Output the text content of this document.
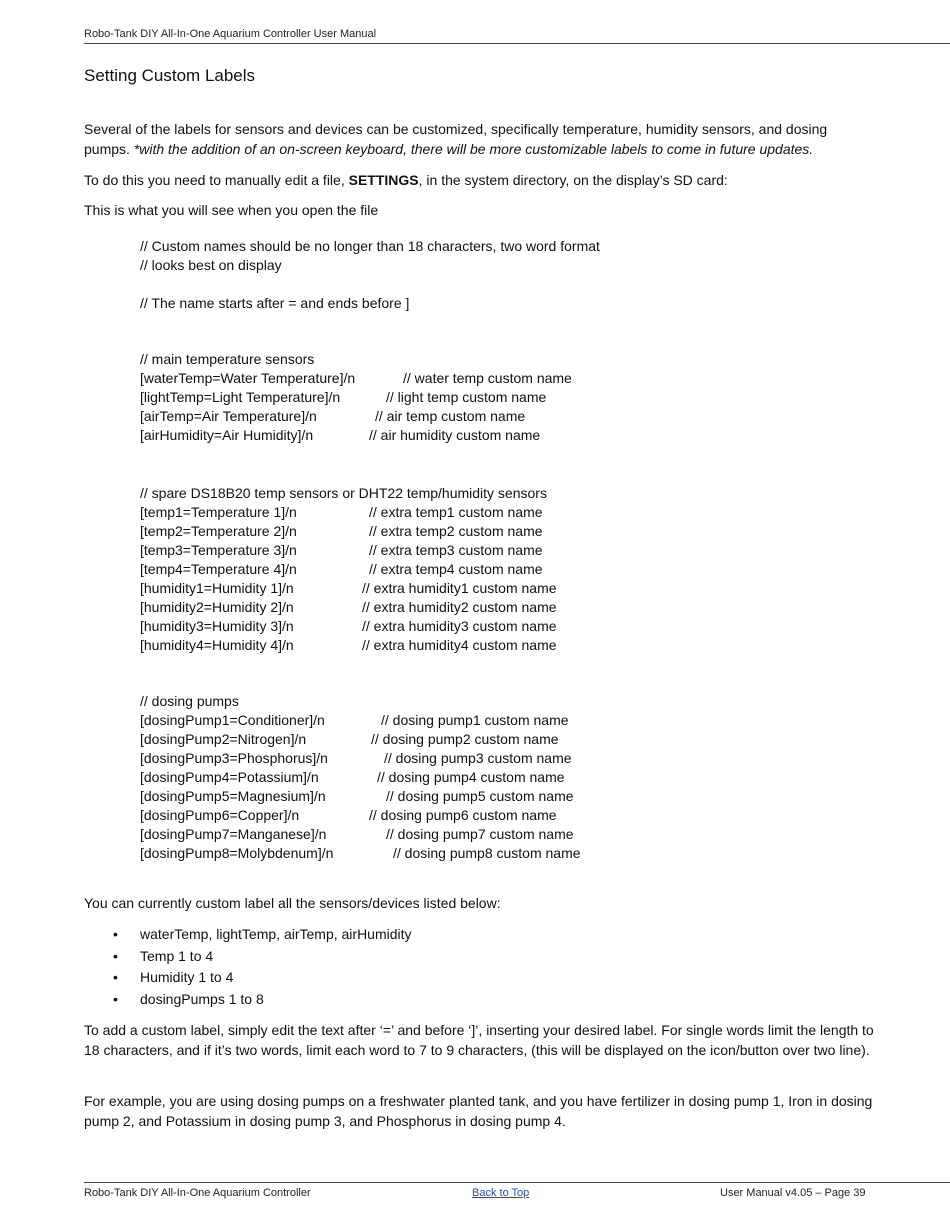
Robo-Tank DIY All-In-One Aquarium Controller User Manual
Setting Custom Labels
Several of the labels for sensors and devices can be customized, specifically temperature, humidity sensors, and dosing pumps. *with the addition of an on-screen keyboard, there will be more customizable labels to come in future updates.
To do this you need to manually edit a file, SETTINGS, in the system directory, on the display’s SD card:
This is what you will see when you open the file

// Custom names should be no longer than 18 characters, two word format

// looks best on display

// The name starts after = and ends before ]

// main temperature sensors

// spare DS18B20 temp sensors or DHT22 temp/humidity sensors

// dosing pumps

[waterTemp=Water Temperature]/n	// water temp custom name
[lightTemp=Light Temperature]/n	// light temp custom name
[airTemp=Air Temperature]/n	// air temp custom name
[airHumidity=Air Humidity]/n	// air humidity custom name
[temp1=Temperature 1]/n	// extra temp1 custom name
[temp2=Temperature 2]/n	// extra temp2 custom name
[temp3=Temperature 3]/n	// extra temp3 custom name
[temp4=Temperature 4]/n	// extra temp4 custom name
[humidity1=Humidity 1]/n	// extra humidity1 custom name
[humidity2=Humidity 2]/n	// extra humidity2 custom name
[humidity3=Humidity 3]/n	// extra humidity3 custom name
[humidity4=Humidity 4]/n	// extra humidity4 custom name
[dosingPump1=Conditioner]/n	// dosing pump1 custom name
[dosingPump2=Nitrogen]/n	// dosing pump2 custom name
[dosingPump3=Phosphorus]/n	// dosing pump3 custom name
[dosingPump4=Potassium]/n	// dosing pump4 custom name
[dosingPump5=Magnesium]/n	// dosing pump5 custom name
[dosingPump6=Copper]/n	// dosing pump6 custom name
[dosingPump7=Manganese]/n	// dosing pump7 custom name
[dosingPump8=Molybdenum]/n	// dosing pump8 custom name
You can currently custom label all the sensors/devices listed below:
• waterTemp, lightTemp, airTemp, airHumidity
• Temp 1 to 4
• Humidity 1 to 4
• dosingPumps 1 to 8
To add a custom label, simply edit the text after ‘=’ and before ‘]’, inserting your desired label. For single words limit the length to 18 characters, and if it’s two words, limit each word to 7 to 9 characters, (this will be displayed on the icon/button over two line).
For example, you are using dosing pumps on a freshwater planted tank, and you have fertilizer in dosing pump 1, Iron in dosing pump 2, and Potassium in dosing pump 3, and Phosphorus in dosing pump 4.
Robo-Tank DIY All-In-One Aquarium Controller	Back to Top	User Manual v4.05 – Page 39
